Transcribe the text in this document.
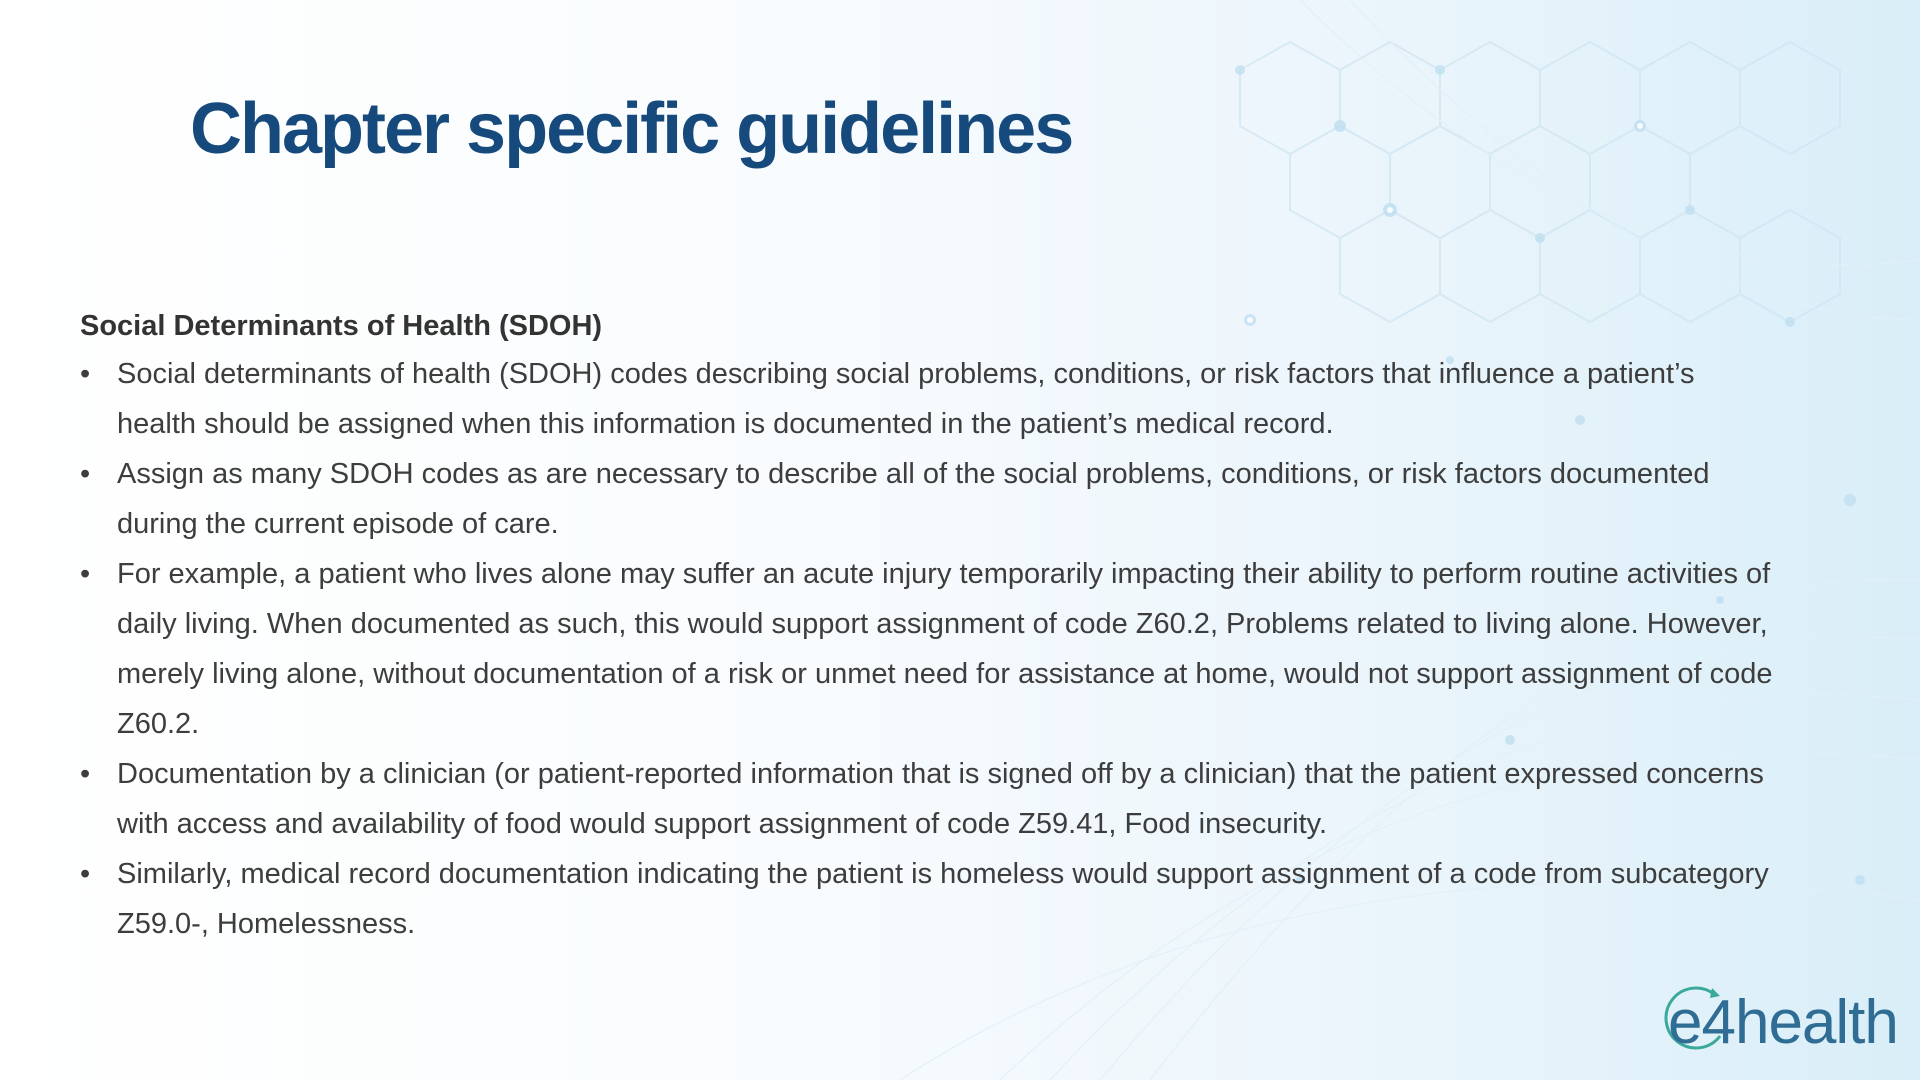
Chapter specific guidelines

Social Determinants of Health (SDOH)

• Social determinants of health (SDOH) codes describing social problems, conditions, or risk factors that influence a patient’s health should be assigned when this information is documented in the patient’s medical record.
• Assign as many SDOH codes as are necessary to describe all of the social problems, conditions, or risk factors documented during the current episode of care.
• For example, a patient who lives alone may suffer an acute injury temporarily impacting their ability to perform routine activities of daily living. When documented as such, this would support assignment of code Z60.2, Problems related to living alone. However, merely living alone, without documentation of a risk or unmet need for assistance at home, would not support assignment of code Z60.2.
• Documentation by a clinician (or patient-reported information that is signed off by a clinician) that the patient expressed concerns with access and availability of food would support assignment of code Z59.41, Food insecurity.
• Similarly, medical record documentation indicating the patient is homeless would support assignment of a code from subcategory Z59.0-, Homelessness.
e4health
